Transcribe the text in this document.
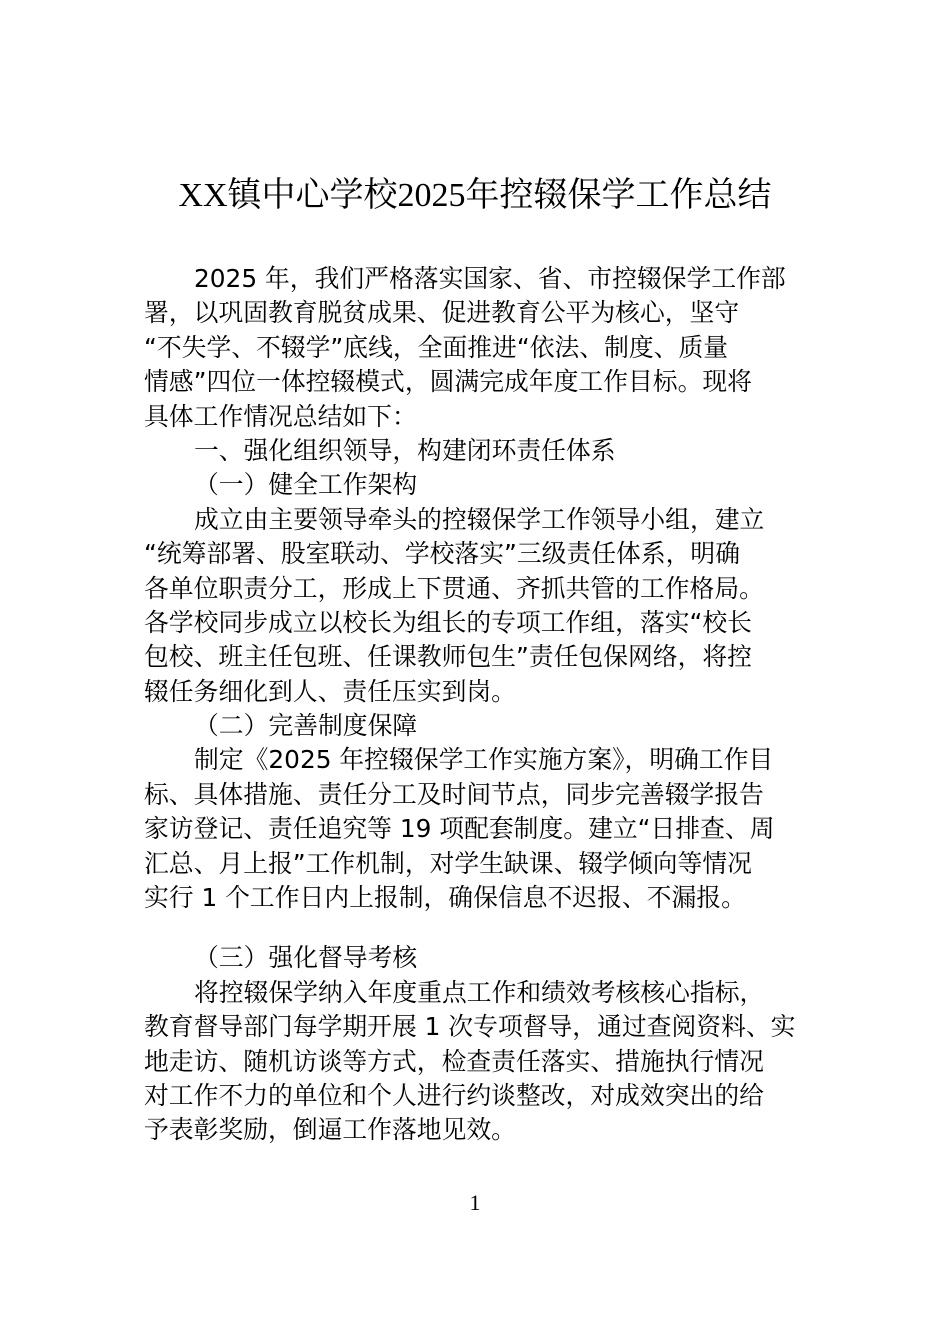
XX镇中心学校2025年控辍保学工作总结
2025 年，我们严格落实国家、省、市控辍保学工作部
署，以巩固教育脱贫成果、促进教育公平为核心，坚守
“不失学、不辍学”底线，全面推进“依法、制度、质量
情感”四位一体控辍模式，圆满完成年度工作目标。现将
具体工作情况总结如下：
一、强化组织领导，构建闭环责任体系
（一）健全工作架构
成立由主要领导牵头的控辍保学工作领导小组，建立
“统筹部署、股室联动、学校落实”三级责任体系，明确
各单位职责分工，形成上下贯通、齐抓共管的工作格局。
各学校同步成立以校长为组长的专项工作组，落实“校长
包校、班主任包班、任课教师包生”责任包保网络，将控
辍任务细化到人、责任压实到岗。
（二）完善制度保障
制定《2025 年控辍保学工作实施方案》，明确工作目
标、具体措施、责任分工及时间节点，同步完善辍学报告
家访登记、责任追究等 19 项配套制度。建立“日排查、周
汇总、月上报”工作机制，对学生缺课、辍学倾向等情况
实行 1 个工作日内上报制，确保信息不迟报、不漏报。
（三）强化督导考核
将控辍保学纳入年度重点工作和绩效考核核心指标，
教育督导部门每学期开展 1 次专项督导，通过查阅资料、实
地走访、随机访谈等方式，检查责任落实、措施执行情况
对工作不力的单位和个人进行约谈整改，对成效突出的给
予表彰奖励，倒逼工作落地见效。
1
